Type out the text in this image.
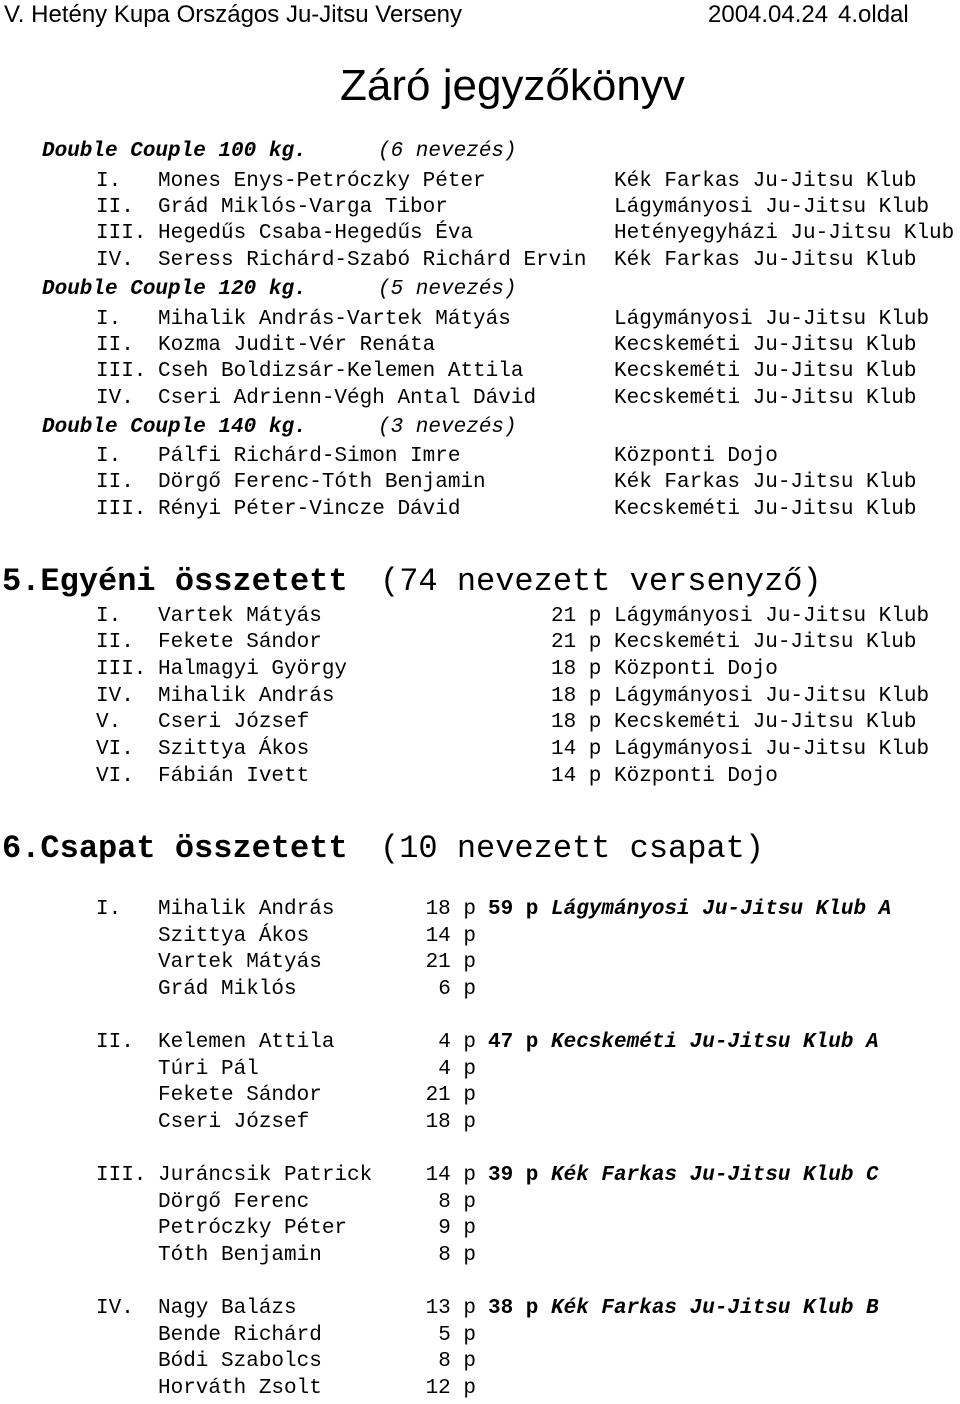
V. Hetény Kupa Országos Ju-Jitsu Verseny	2004.04.24 4.oldal
Záró jegyzőkönyv
Double Couple 100 kg.	(6 nevezés)
I. Mones Enys-Petróczky Péter	Kék Farkas Ju-Jitsu Klub
II. Grád Miklós-Varga Tibor	Lágymányosi Ju-Jitsu Klub
III. Hegedűs Csaba-Hegedűs Éva	Hetényegyházi Ju-Jitsu Klub
IV. Seress Richárd-Szabó Richárd Ervin Kék Farkas Ju-Jitsu Klub
Double Couple 120 kg.	(5 nevezés)
I. Mihalik András-Vartek Mátyás	Lágymányosi Ju-Jitsu Klub
II. Kozma Judit-Vér Renáta	Kecskeméti Ju-Jitsu Klub
III. Cseh Boldizsár-Kelemen Attila	Kecskeméti Ju-Jitsu Klub
IV. Cseri Adrienn-Végh Antal Dávid	Kecskeméti Ju-Jitsu Klub
Double Couple 140 kg.	(3 nevezés)
I. Pálfi Richárd-Simon Imre	Központi Dojo
II. Dörgő Ferenc-Tóth Benjamin	Kék Farkas Ju-Jitsu Klub
III. Rényi Péter-Vincze Dávid	Kecskeméti Ju-Jitsu Klub
5.Egyéni összetett (74 nevezett versenyző)
I. Vartek Mátyás	21 p Lágymányosi Ju-Jitsu Klub
II. Fekete Sándor	21 p Kecskeméti Ju-Jitsu Klub
III. Halmagyi György	18 p Központi Dojo
IV. Mihalik András	18 p Lágymányosi Ju-Jitsu Klub
V. Cseri József	18 p Kecskeméti Ju-Jitsu Klub
VI. Szittya Ákos	14 p Lágymányosi Ju-Jitsu Klub
VI. Fábián Ivett	14 p Központi Dojo
6.Csapat összetett (10 nevezett csapat)
I. Mihalik András	18 p 59 p Lágymányosi Ju-Jitsu Klub A
Szittya Ákos	14 p
Vartek Mátyás	21 p
Grád Miklós	6 p
II. Kelemen Attila	4 p 47 p Kecskeméti Ju-Jitsu Klub A
Túri Pál	4 p
Fekete Sándor	21 p
Cseri József	18 p
III. Juráncsik Patrick	14 p 39 p Kék Farkas Ju-Jitsu Klub C
Dörgő Ferenc	8 p
Petróczky Péter	9 p
Tóth Benjamin	8 p
IV. Nagy Balázs	13 p 38 p Kék Farkas Ju-Jitsu Klub B
Bende Richárd	5 p
Bódi Szabolcs	8 p
Horváth Zsolt	12 p
